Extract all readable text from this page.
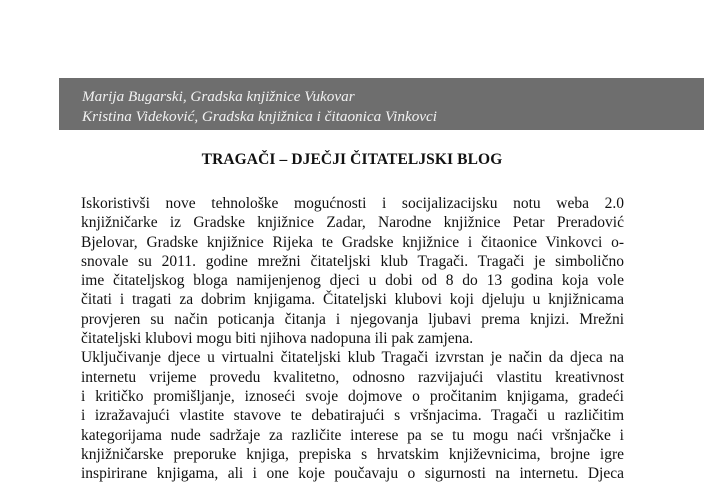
Marija Bugarski, Gradska knjižnice Vukovar
Kristina Videković, Gradska knjižnica i čitaonica Vinkovci
TRAGAČI – DJEČJI ČITATELJSKI BLOG
Iskoristivši nove tehnološke mogućnosti i socijalizacijsku notu weba 2.0
knjižničarke iz Gradske knjižnice Zadar, Narodne knjižnice Petar Preradović
Bjelovar, Gradske knjižnice Rijeka te Gradske knjižnice i čitaonice Vinkovci o-
snovale su 2011. godine mrežni čitateljski klub Tragači. Tragači je simbolično
ime čitateljskog bloga namijenjenog djeci u dobi od 8 do 13 godina koja vole
čitati i tragati za dobrim knjigama. Čitateljski klubovi koji djeluju u knjižnicama
provjeren su način poticanja čitanja i njegovanja ljubavi prema knjizi. Mrežni
čitateljski klubovi mogu biti njihova nadopuna ili pak zamjena.
Uključivanje djece u virtualni čitateljski klub Tragači izvrstan je način da djeca na
internetu vrijeme provedu kvalitetno, odnosno razvijajući vlastitu kreativnost
i kritičko promišljanje, iznoseći svoje dojmove o pročitanim knjigama, gradeći
i izražavajući vlastite stavove te debatirajući s vršnjacima. Tragači u različitim
kategorijama nude sadržaje za različite interese pa se tu mogu naći vršnjačke i
knjižničarske preporuke knjiga, prepiska s hrvatskim književnicima, brojne igre
inspirirane knjigama, ali i one koje poučavaju o sigurnosti na internetu. Djeca
